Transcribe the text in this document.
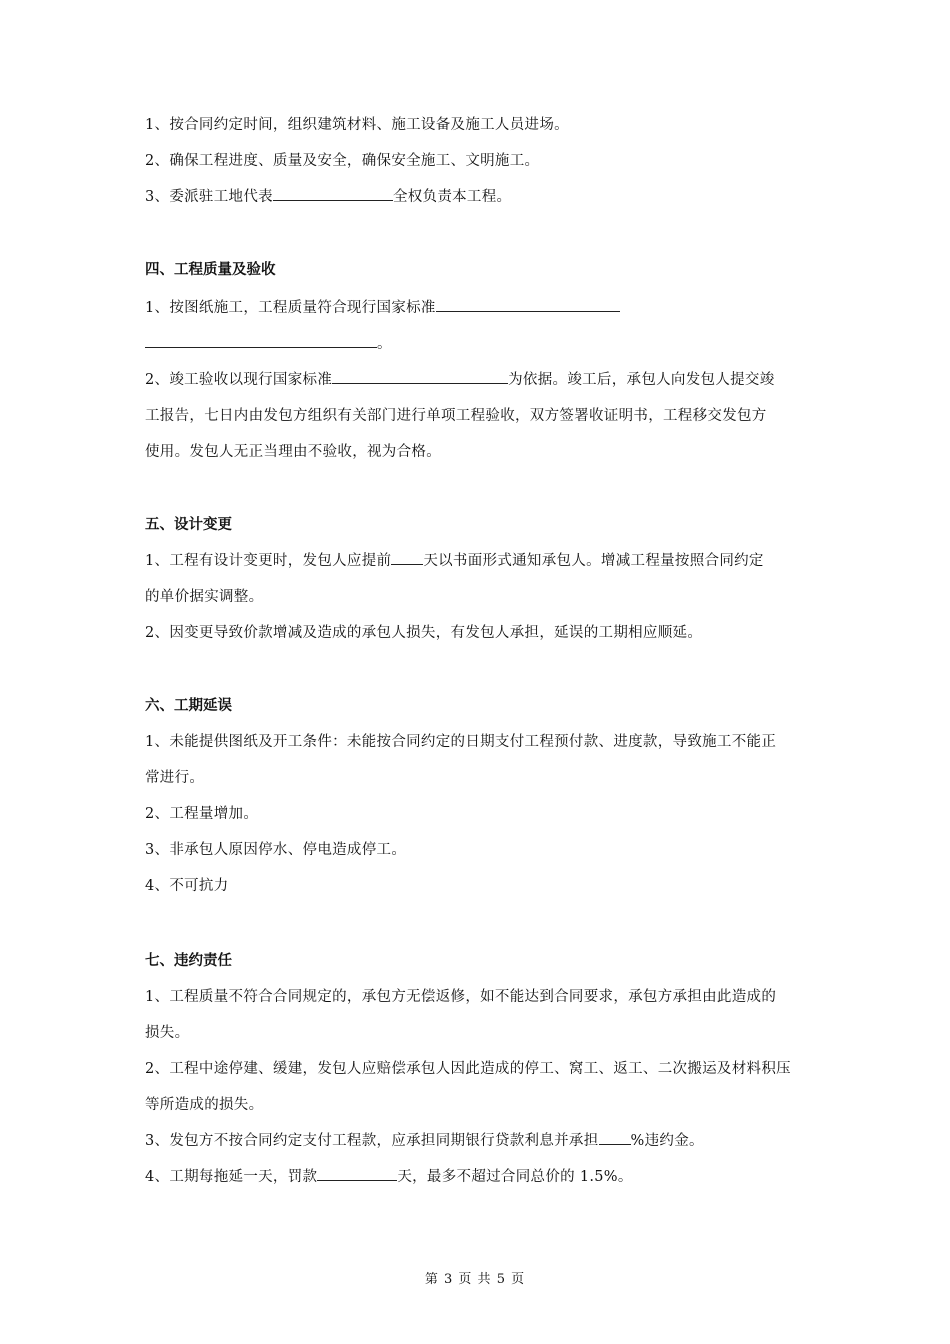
1、按合同约定时间，组织建筑材料、施工设备及施工人员进场。

2、确保工程进度、质量及安全，确保安全施工、文明施工。

3、委派驻工地代表	全权负责本工程。

四、工程质量及验收

1、按图纸施工，工程质量符合现行国家标准

。

2、竣工验收以现行国家标准	为依据。竣工后，承包人向发包人提交竣

工报告，七日内由发包方组织有关部门进行单项工程验收，双方签署收证明书，工程移交发包方

使用。发包人无正当理由不验收，视为合格。

五、设计变更

1、工程有设计变更时，发包人应提前 天以书面形式通知承包人。增减工程量按照合同约定

的单价据实调整。

2、因变更导致价款增减及造成的承包人损失，有发包人承担，延误的工期相应顺延。

六、工期延误

1、未能提供图纸及开工条件：未能按合同约定的日期支付工程预付款、进度款，导致施工不能正

常进行。

2、工程量增加。

3、非承包人原因停水、停电造成停工。

4、不可抗力

七、违约责任

1、工程质量不符合合同规定的，承包方无偿返修，如不能达到合同要求，承包方承担由此造成的

损失。

2、工程中途停建、缓建，发包人应赔偿承包人因此造成的停工、窝工、返工、二次搬运及材料积压

等所造成的损失。

3、发包方不按合同约定支付工程款，应承担同期银行贷款利息并承担 %违约金。

4、工期每拖延一天，罚款	天，最多不超过合同总价的 1.5%。

第 3 页 共 5 页
